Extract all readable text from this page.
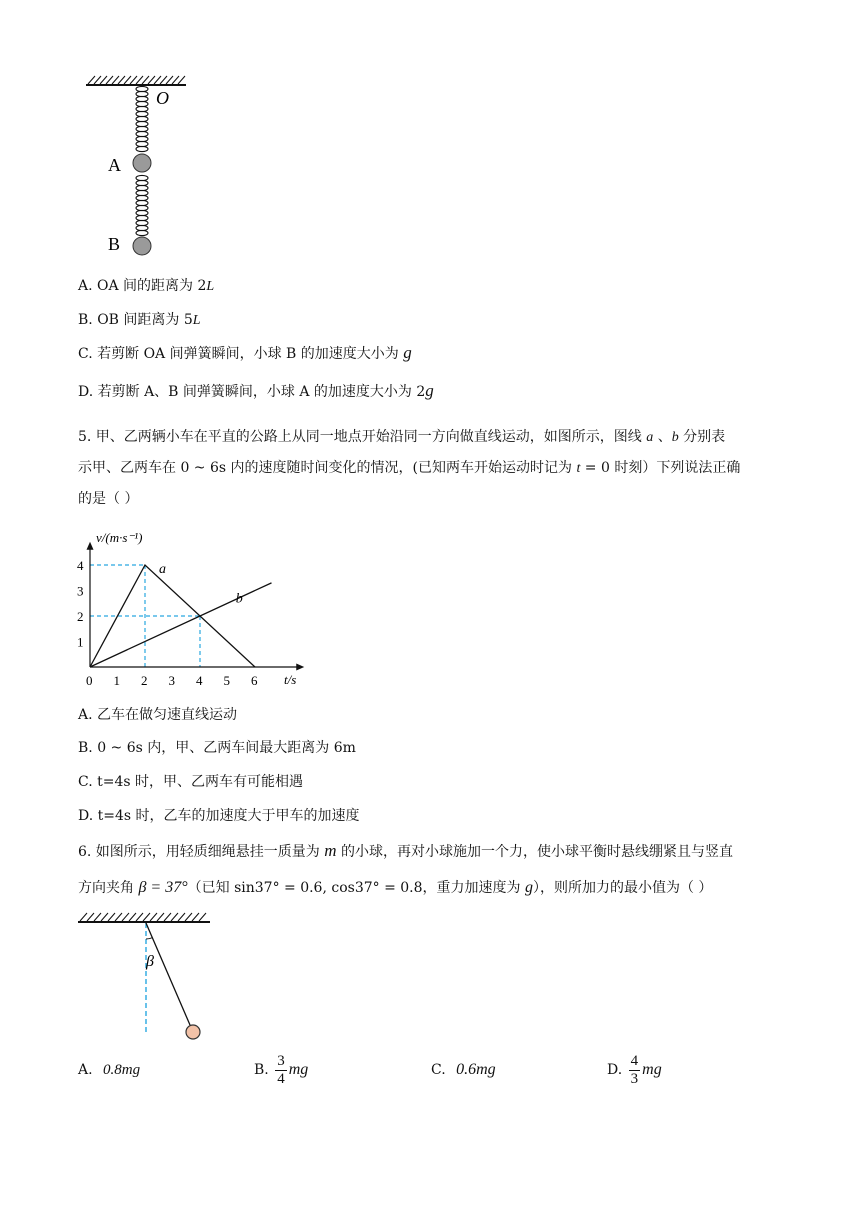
O
A
B
A. OA 间的距离为 2L
B. OB 间距离为 5L
C. 若剪断 OA 间弹簧瞬间，小球 B 的加速度大小为 g
D. 若剪断 A、B 间弹簧瞬间，小球 A 的加速度大小为 2g
5. 甲、乙两辆小车在平直的公路上从同一地点开始沿同一方向做直线运动，如图所示，图线 a 、b 分别表
示甲、乙两车在 0 ~ 6s 内的速度随时间变化的情况，(已知两车开始运动时记为 t = 0 时刻）下列说法正确
的是（ ）
a
b
0 1 2 3 4 5 6
1
2
3
4
v/(m·s⁻¹)
t/s
A. 乙车在做匀速直线运动
B. 0 ~ 6s 内，甲、乙两车间最大距离为 6m
C. t=4s 时，甲、乙两车有可能相遇
D. t=4s 时，乙车的加速度大于甲车的加速度
6. 如图所示，用轻质细绳悬挂一质量为 m 的小球，再对小球施加一个力，使小球平衡时悬线绷紧且与竖直
方向夹角 β = 37°（已知 sin37° = 0.6, cos37° = 0.8，重力加速度为 g），则所加力的最小值为（ ）
β
A. 0.8mg	B. $\frac{3}{4}$ mg	C. 0.6mg	D. $\frac{4}{3}$ mg
